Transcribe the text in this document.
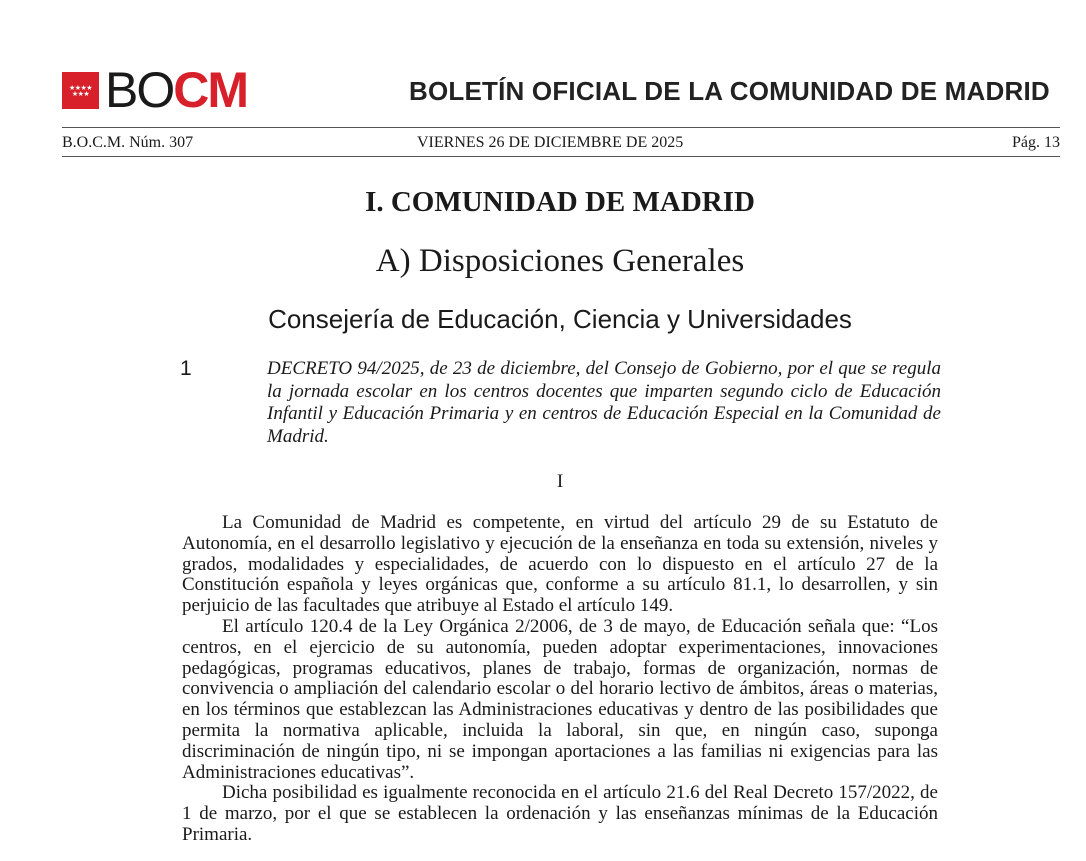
★★★★ ★★★ BOCM	BOLETÍN OFICIAL DE LA COMUNIDAD DE MADRID
B.O.C.M. Núm. 307	VIERNES 26 DE DICIEMBRE DE 2025	Pág. 13
I. COMUNIDAD DE MADRID
A) Disposiciones Generales
Consejería de Educación, Ciencia y Universidades
1	DECRETO 94/2025, de 23 de diciembre, del Consejo de Gobierno, por el que se regula la jornada escolar en los centros docentes que imparten segundo ciclo de Educación Infantil y Educación Primaria y en centros de Educación Especial en la Comunidad de Madrid.
I

La Comunidad de Madrid es competente, en virtud del artículo 29 de su Estatuto de Autonomía, en el desarrollo legislativo y ejecución de la enseñanza en toda su extensión, niveles y grados, modalidades y especialidades, de acuerdo con lo dispuesto en el artículo 27 de la Constitución española y leyes orgánicas que, conforme a su artículo 81.1, lo desarrollen, y sin perjuicio de las facultades que atribuye al Estado el artículo 149.

El artículo 120.4 de la Ley Orgánica 2/2006, de 3 de mayo, de Educación señala que: “Los centros, en el ejercicio de su autonomía, pueden adoptar experimentaciones, innovaciones pedagógicas, programas educativos, planes de trabajo, formas de organización, normas de convivencia o ampliación del calendario escolar o del horario lectivo de ámbitos, áreas o materias, en los términos que establezcan las Administraciones educativas y dentro de las posibilidades que permita la normativa aplicable, incluida la laboral, sin que, en ningún caso, suponga discriminación de ningún tipo, ni se impongan aportaciones a las familias ni exigencias para las Administraciones educativas”.

Dicha posibilidad es igualmente reconocida en el artículo 21.6 del Real Decreto 157/2022, de 1 de marzo, por el que se establecen la ordenación y las enseñanzas mínimas de la Educación Primaria.
